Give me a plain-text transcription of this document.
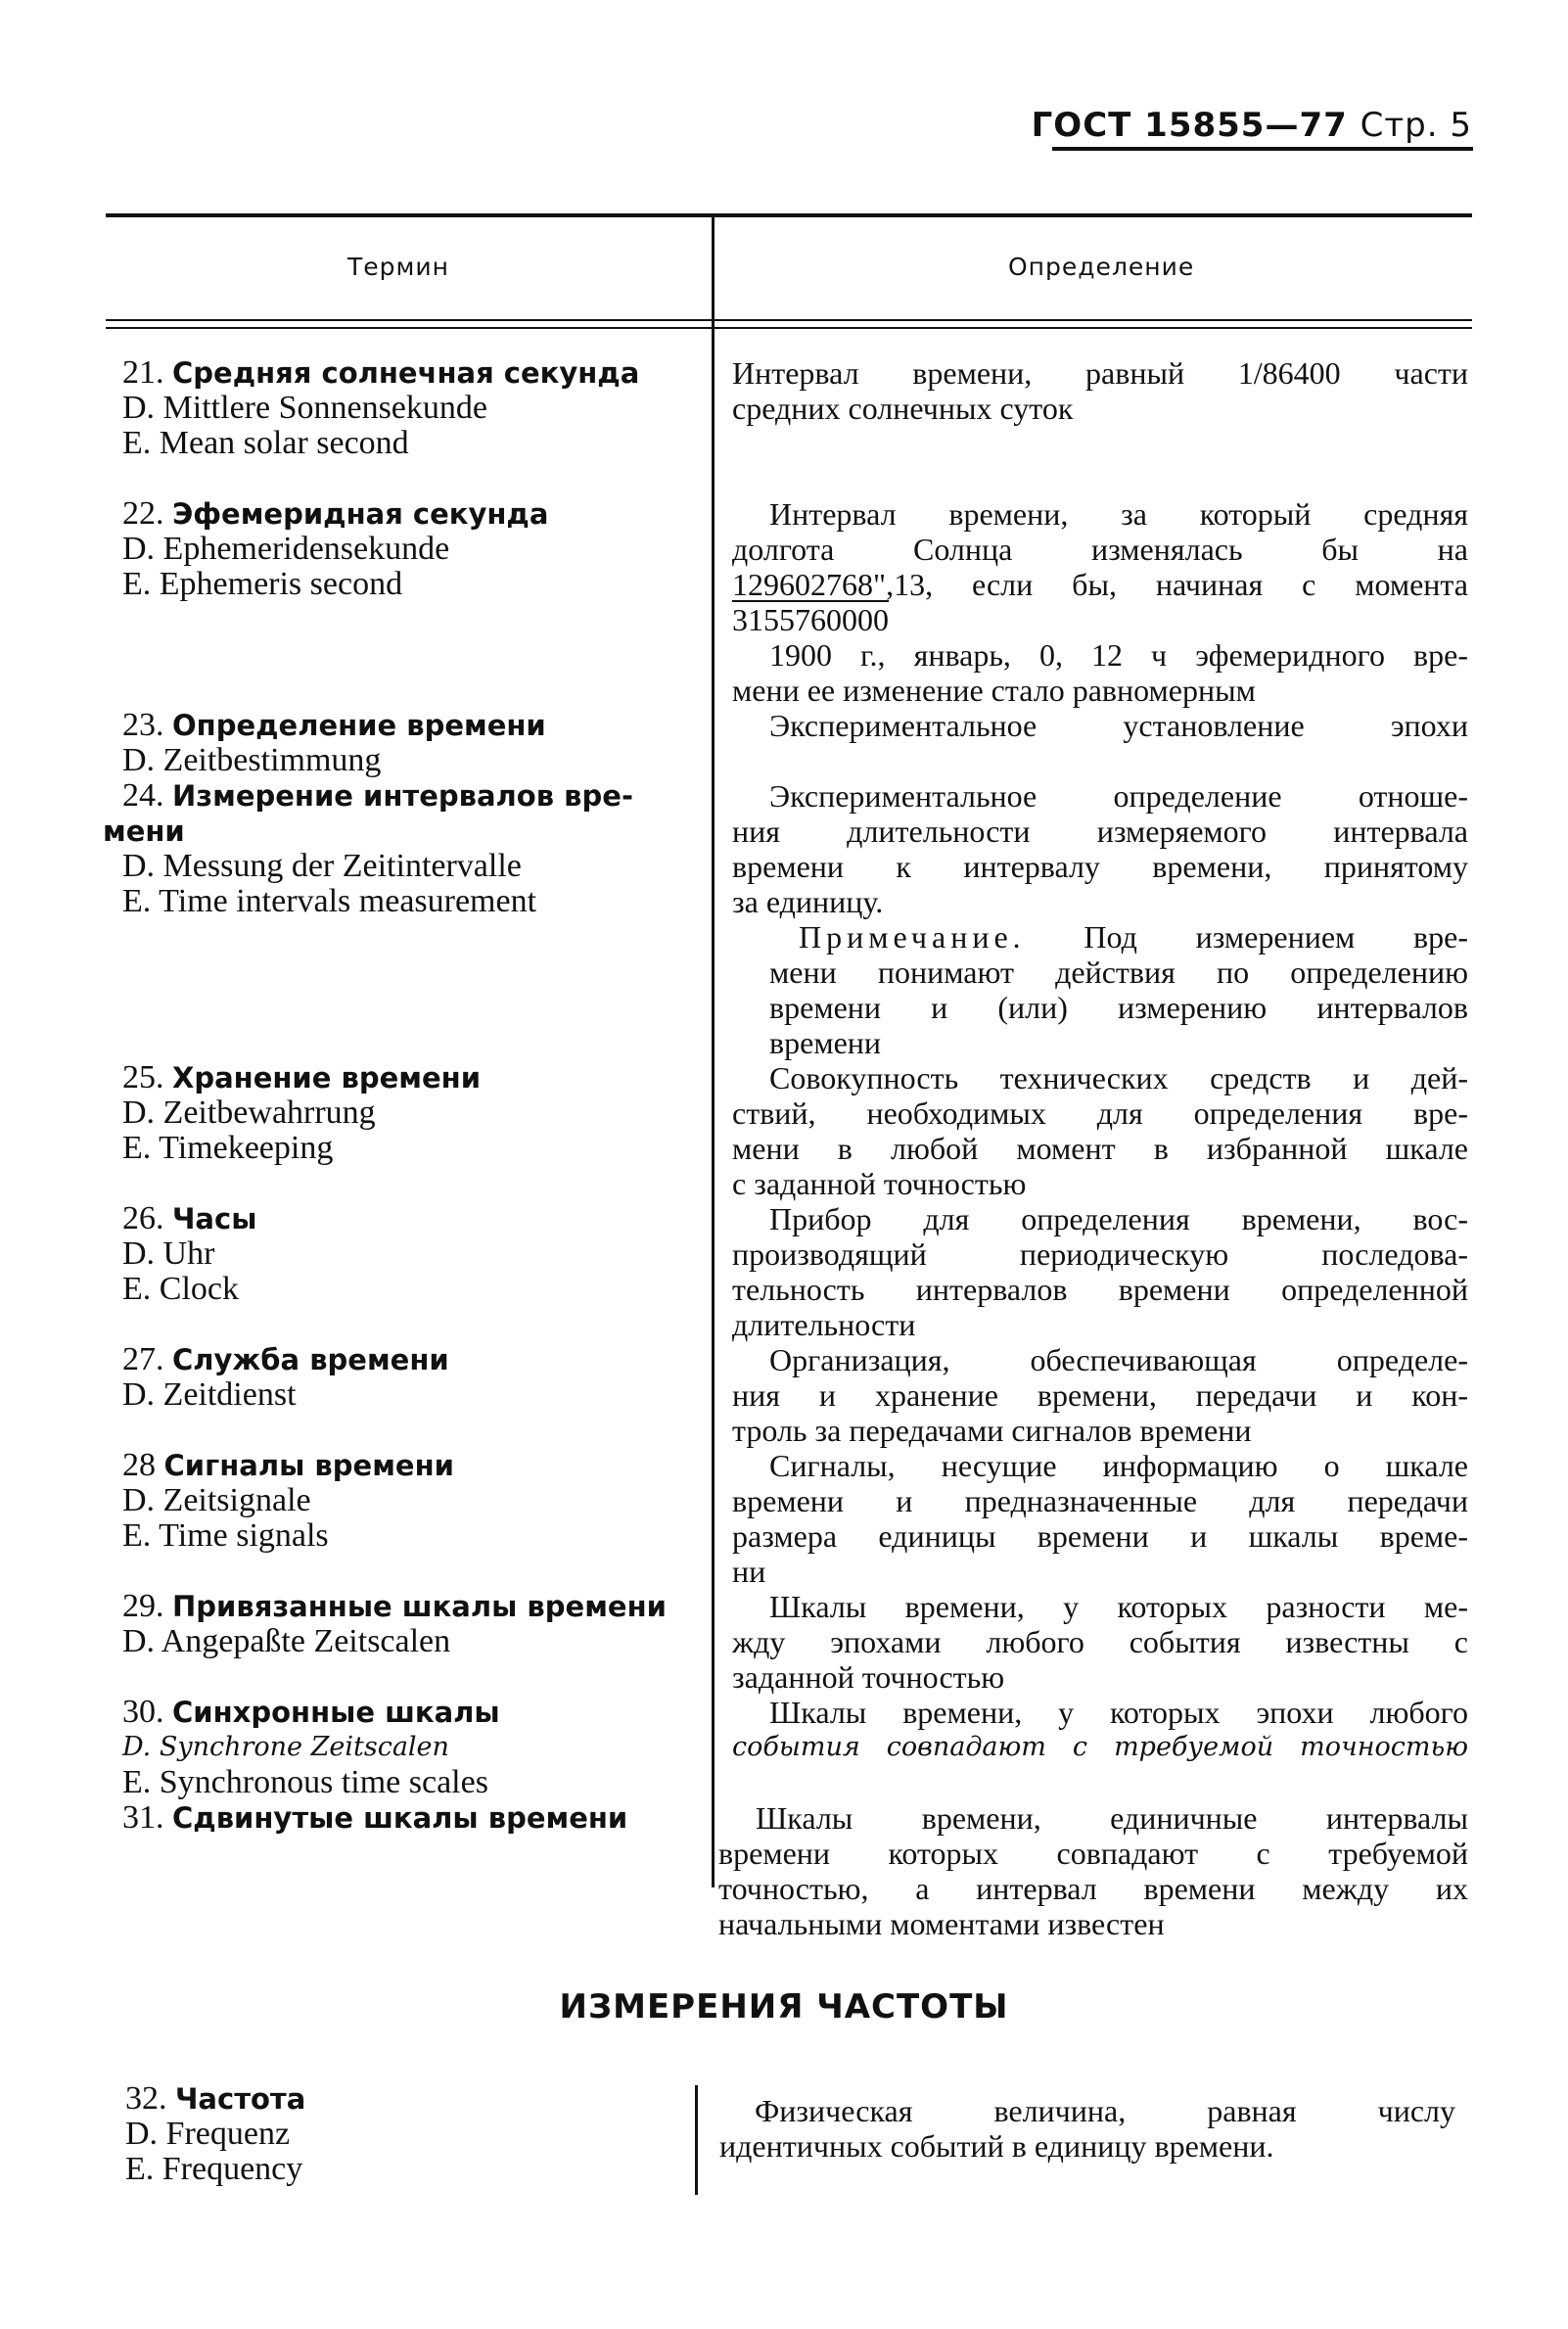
ГОСТ 15855—77 Стр. 5
Термин	Определение
21. Средняя солнечная секунда
D. Mittlere Sonnensekunde
E. Mean solar second
22. Эфемеридная секунда
D. Ephemeridensekunde
E. Ephemeris second
23. Определение времени
D. Zeitbestimmung
24. Измерение интервалов вре-
мени
D. Messung der Zeitintervalle
E. Time intervals measurement
25. Хранение времени
D. Zeitbewahrrung
E. Timekeeping
26. Часы
D. Uhr
E. Clock
27. Служба времени
D. Zeitdienst
28 Сигналы времени
D. Zeitsignale
E. Time signals
29. Привязанные шкалы времени
D. Angepaßte Zeitscalen
30. Синхронные шкалы
D. Synchrone Zeitscalen
E. Synchronous time scales
31. Сдвинутые шкалы времени
Интервал времени, равный 1/86400 части
средних солнечных суток
Интервал времени, за который средняя
долгота Солнца изменялась бы на
129602768",13, если бы, начиная с момента
3155760000
1900 г., январь, 0, 12 ч эфемеридного вре-
мени ее изменение стало равномерным
Экспериментальное установление эпохи
Экспериментальное определение отноше-
ния длительности измеряемого интервала
времени к интервалу времени, принятому
за единицу.
Примечание. Под измерением вре-
мени понимают действия по определению
времени и (или) измерению интервалов
времени
Совокупность технических средств и дей-
ствий, необходимых для определения вре-
мени в любой момент в избранной шкале
с заданной точностью
Прибор для определения времени, вос-
производящий периодическую последова-
тельность интервалов времени определенной
длительности
Организация, обеспечивающая определе-
ния и хранение времени, передачи и кон-
троль за передачами сигналов времени
Сигналы, несущие информацию о шкале
времени и предназначенные для передачи
размера единицы времени и шкалы време-
ни
Шкалы времени, у которых разности ме-
жду эпохами любого события известны с
заданной точностью
Шкалы времени, у которых эпохи любого
события совпадают с требуемой точностью
Шкалы времени, единичные интервалы
времени которых совпадают с требуемой
точностью, а интервал времени между их
начальными моментами известен
ИЗМЕРЕНИЯ ЧАСТОТЫ
32. Частота
D. Frequenz
E. Frequency
Физическая величина, равная числу
идентичных событий в единицу времени.
